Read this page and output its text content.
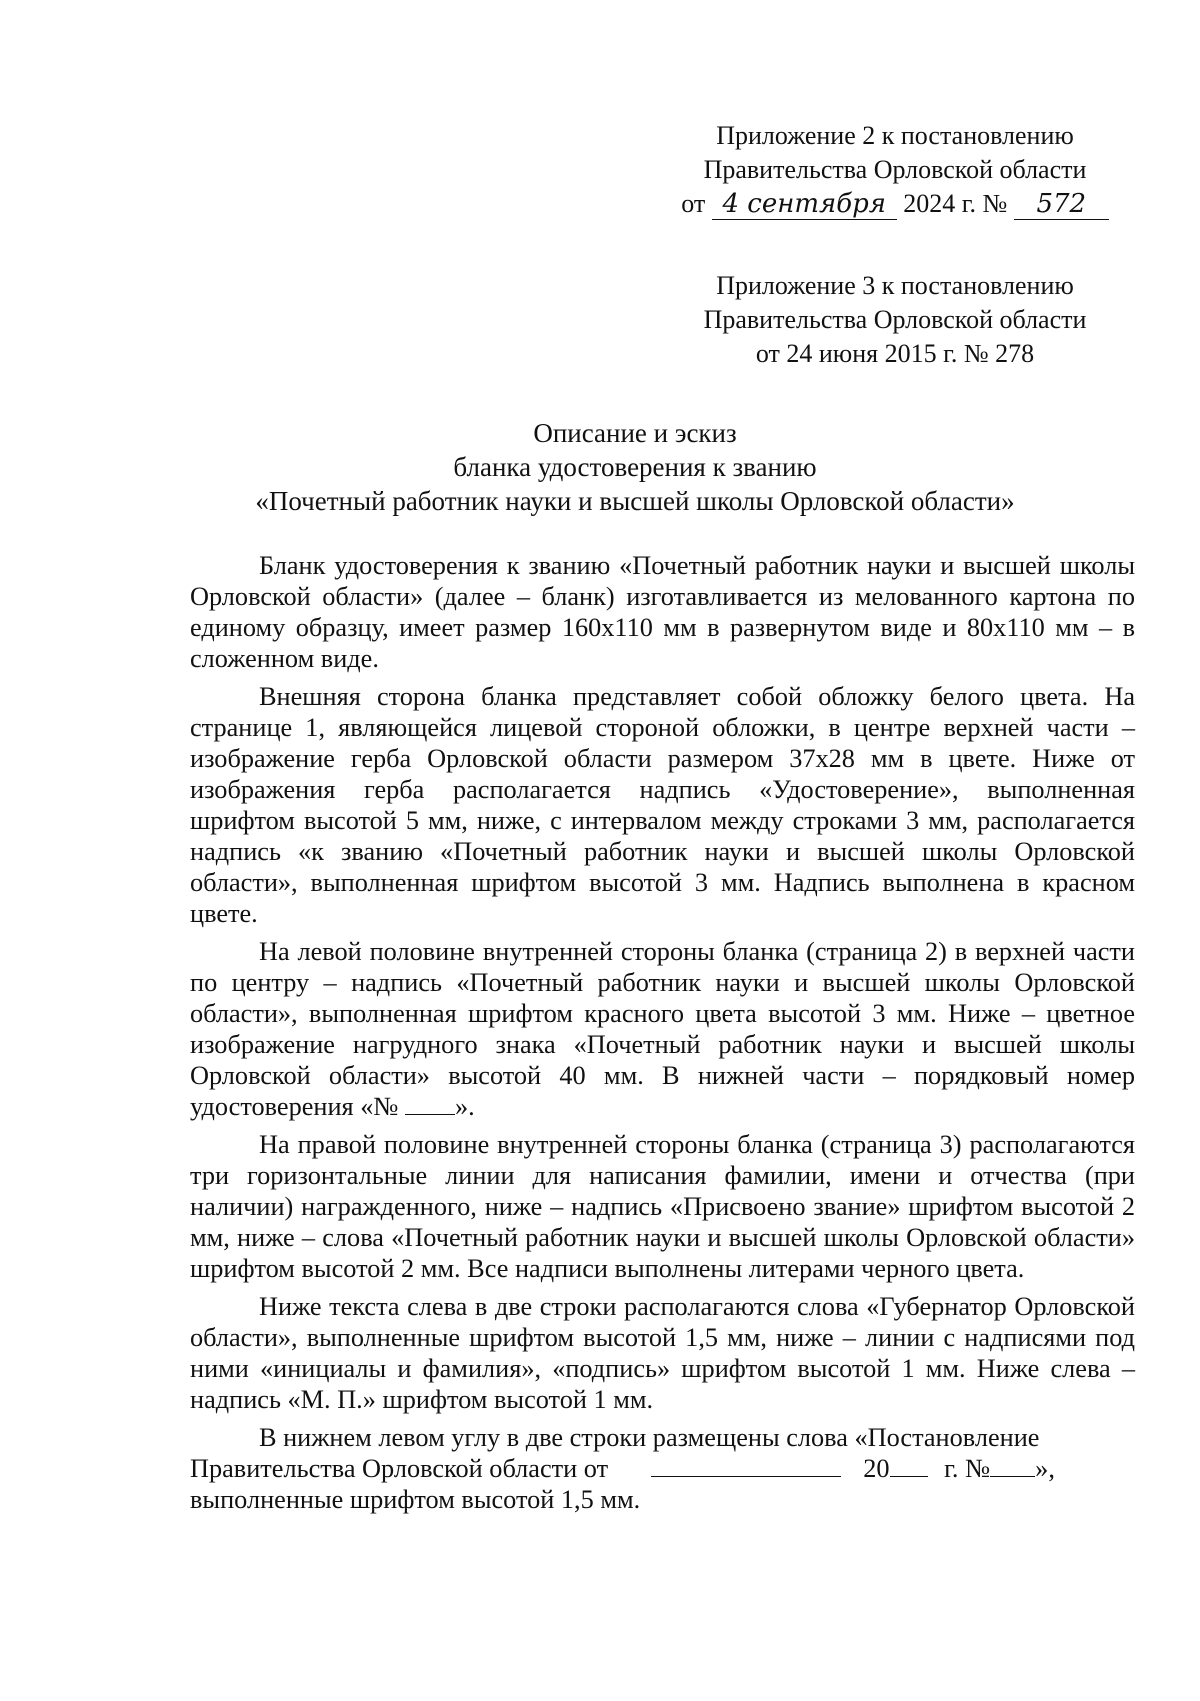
Приложение 2 к постановлению
Правительства Орловской области
от 4 сентября 2024 г. № 572
Приложение 3 к постановлению
Правительства Орловской области
от 24 июня 2015 г. № 278
Описание и эскиз
бланка удостоверения к званию
«Почетный работник науки и высшей школы Орловской области»

Бланк удостоверения к званию «Почетный работник науки и высшей школы Орловской области» (далее – бланк) изготавливается из мелованного картона по единому образцу, имеет размер 160x110 мм в развернутом виде и 80x110 мм – в сложенном виде.

Внешняя сторона бланка представляет собой обложку белого цвета. На странице 1, являющейся лицевой стороной обложки, в центре верхней части – изображение герба Орловской области размером 37x28 мм в цвете. Ниже от изображения герба располагается надпись «Удостоверение», выполненная шрифтом высотой 5 мм, ниже, с интервалом между строками 3 мм, располагается надпись «к званию «Почетный работник науки и высшей школы Орловской области», выполненная шрифтом высотой 3 мм. Надпись выполнена в красном цвете.

На левой половине внутренней стороны бланка (страница 2) в верхней части по центру – надпись «Почетный работник науки и высшей школы Орловской области», выполненная шрифтом красного цвета высотой 3 мм. Ниже – цветное изображение нагрудного знака «Почетный работник науки и высшей школы Орловской области» высотой 40 мм. В нижней части – порядковый номер удостоверения «№ ».

На правой половине внутренней стороны бланка (страница 3) располагаются три горизонтальные линии для написания фамилии, имени и отчества (при наличии) награжденного, ниже – надпись «Присвоено звание» шрифтом высотой 2 мм, ниже – слова «Почетный работник науки и высшей школы Орловской области» шрифтом высотой 2 мм. Все надписи выполнены литерами черного цвета.

Ниже текста слева в две строки располагаются слова «Губернатор Орловской области», выполненные шрифтом высотой 1,5 мм, ниже – линии с надписями под ними «инициалы и фамилия», «подпись» шрифтом высотой 1 мм. Ниже слева – надпись «М. П.» шрифтом высотой 1 мм.

В нижнем левом углу в две строки размещены слова «Постановление Правительства Орловской области от	20 г. № »,
выполненные шрифтом высотой 1,5 мм.
